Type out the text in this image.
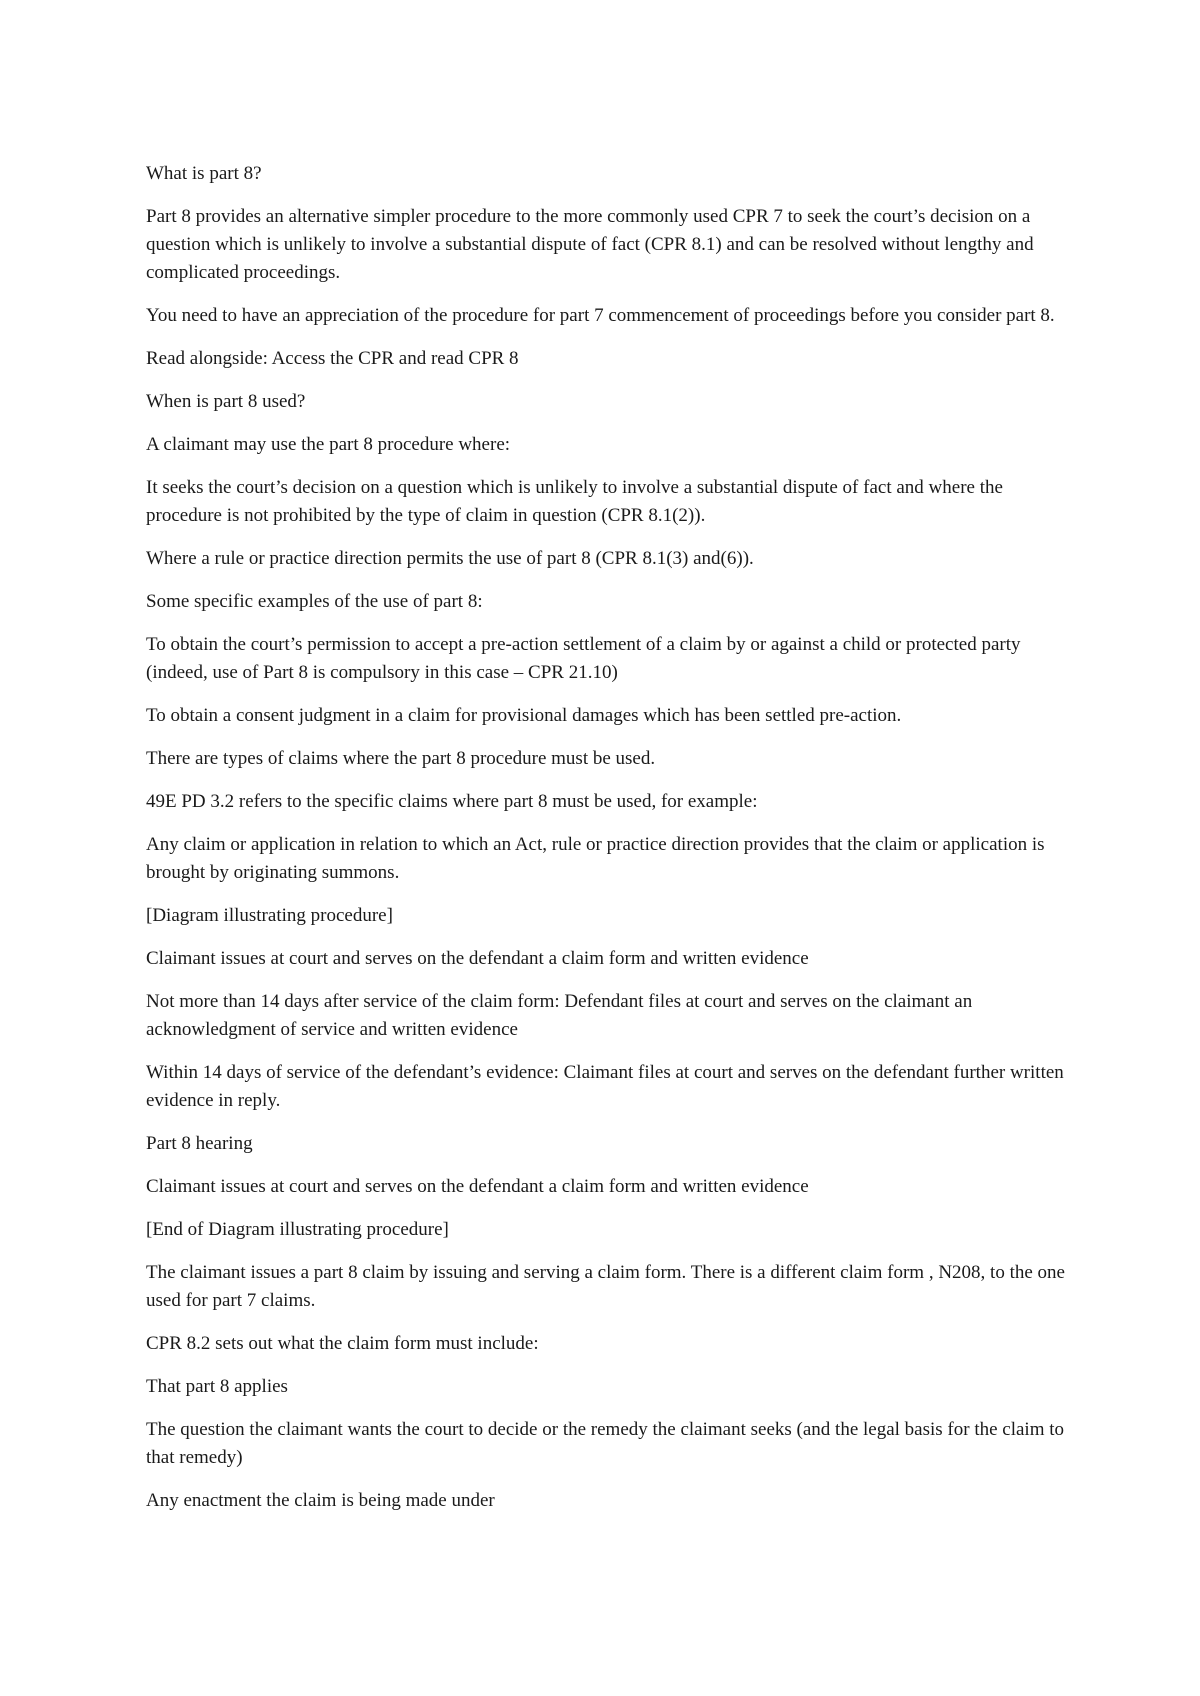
What is part 8?

Part 8 provides an alternative simpler procedure to the more commonly used CPR 7 to seek the court’s decision on a question which is unlikely to involve a substantial dispute of fact (CPR 8.1) and can be resolved without lengthy and complicated proceedings.

You need to have an appreciation of the procedure for part 7 commencement of proceedings before you consider part 8.

Read alongside: Access the CPR and read CPR 8

When is part 8 used?

A claimant may use the part 8 procedure where:

It seeks the court’s decision on a question which is unlikely to involve a substantial dispute of fact and where the procedure is not prohibited by the type of claim in question (CPR 8.1(2)).

Where a rule or practice direction permits the use of part 8 (CPR 8.1(3) and(6)).

Some specific examples of the use of part 8:

To obtain the court’s permission to accept a pre-action settlement of a claim by or against a child or protected party (indeed, use of Part 8 is compulsory in this case – CPR 21.10)

To obtain a consent judgment in a claim for provisional damages which has been settled pre-action.

There are types of claims where the part 8 procedure must be used.

49E PD 3.2 refers to the specific claims where part 8 must be used, for example:

Any claim or application in relation to which an Act, rule or practice direction provides that the claim or application is brought by originating summons.

[Diagram illustrating procedure]

Claimant issues at court and serves on the defendant a claim form and written evidence

Not more than 14 days after service of the claim form: Defendant files at court and serves on the claimant an acknowledgment of service and written evidence

Within 14 days of service of the defendant’s evidence: Claimant files at court and serves on the defendant further written evidence in reply.

Part 8 hearing

Claimant issues at court and serves on the defendant a claim form and written evidence

[End of Diagram illustrating procedure]

The claimant issues a part 8 claim by issuing and serving a claim form. There is a different claim form , N208, to the one used for part 7 claims.

CPR 8.2 sets out what the claim form must include:

That part 8 applies

The question the claimant wants the court to decide or the remedy the claimant seeks (and the legal basis for the claim to that remedy)

Any enactment the claim is being made under
